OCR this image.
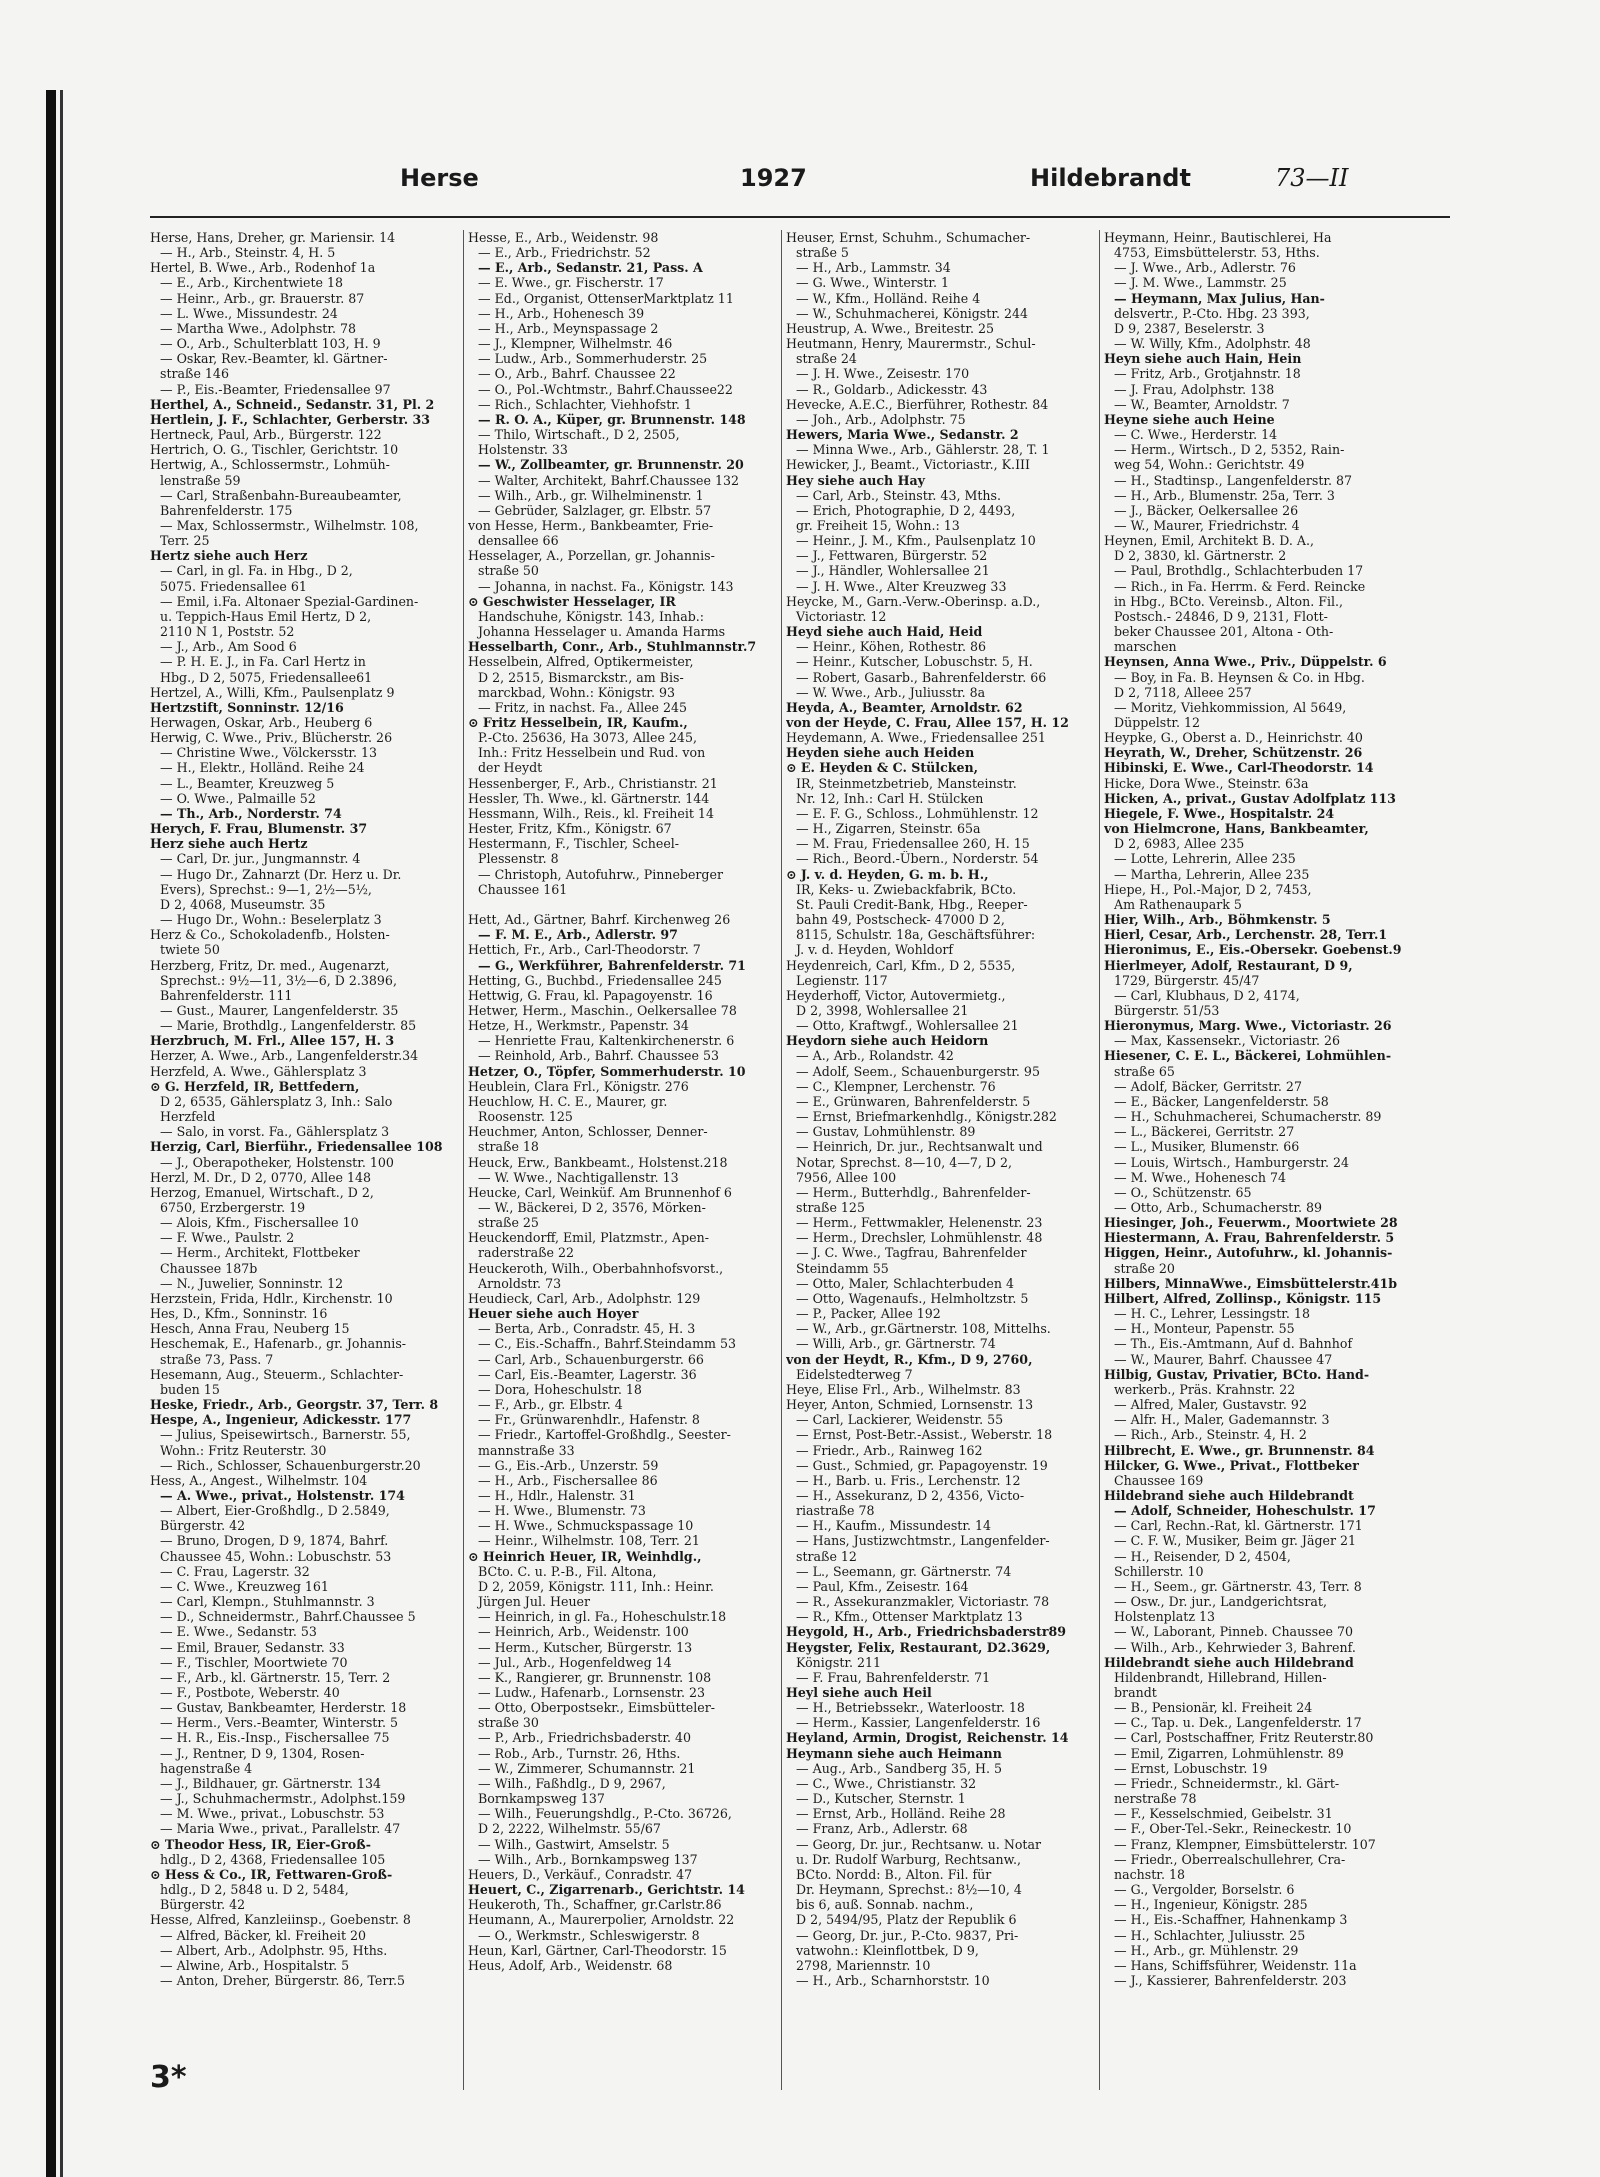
Herse	1927	Hildebrandt	73—II
Herse, Hans, Dreher, gr. Mariensir. 14
— H., Arb., Steinstr. 4, H. 5
Hertel, B. Wwe., Arb., Rodenhof 1a
— E., Arb., Kirchentwiete 18
— Heinr., Arb., gr. Brauerstr. 87
— L. Wwe., Missundestr. 24
— Martha Wwe., Adolphstr. 78
— O., Arb., Schulterblatt 103, H. 9
— Oskar, Rev.-Beamter, kl. Gärtner-
straße 146
— P., Eis.-Beamter, Friedensallee 97
Herthel, A., Schneid., Sedanstr. 31, Pl. 2
Hertlein, J. F., Schlachter, Gerberstr. 33
Hertneck, Paul, Arb., Bürgerstr. 122
Hertrich, O. G., Tischler, Gerichtstr. 10
Hertwig, A., Schlossermstr., Lohmüh-
lenstraße 59
— Carl, Straßenbahn-Bureaubeamter,
Bahrenfelderstr. 175
— Max, Schlossermstr., Wilhelmstr. 108,
Terr. 25
Hertz siehe auch Herz
— Carl, in gl. Fa. in Hbg., D 2,
5075. Friedensallee 61
— Emil, i.Fa. Altonaer Spezial-Gardinen-
u. Teppich-Haus Emil Hertz, D 2,
2110 N 1, Poststr. 52
— J., Arb., Am Sood 6
— P. H. E. J., in Fa. Carl Hertz in
Hbg., D 2, 5075, Friedensallee61
Hertzel, A., Willi, Kfm., Paulsenplatz 9
Hertzstift, Sonninstr. 12/16
Herwagen, Oskar, Arb., Heuberg 6
Herwig, C. Wwe., Priv., Blücherstr. 26
— Christine Wwe., Völckersstr. 13
— H., Elektr., Holländ. Reihe 24
— L., Beamter, Kreuzweg 5
— O. Wwe., Palmaille 52
— Th., Arb., Norderstr. 74
Herych, F. Frau, Blumenstr. 37
Herz siehe auch Hertz
— Carl, Dr. jur., Jungmannstr. 4
— Hugo Dr., Zahnarzt (Dr. Herz u. Dr.
Evers), Sprechst.: 9—1, 2½—5½,
D 2, 4068, Museumstr. 35
— Hugo Dr., Wohn.: Beselerplatz 3
Herz & Co., Schokoladenfb., Holsten-
twiete 50
Herzberg, Fritz, Dr. med., Augenarzt,
Sprechst.: 9½—11, 3½—6, D 2.3896,
Bahrenfelderstr. 111
— Gust., Maurer, Langenfelderstr. 35
— Marie, Brothdlg., Langenfelderstr. 85
Herzbruch, M. Frl., Allee 157, H. 3
Herzer, A. Wwe., Arb., Langenfelderstr.34
Herzfeld, A. Wwe., Gählersplatz 3
⊙ G. Herzfeld, IR, Bettfedern,
D 2, 6535, Gählersplatz 3, Inh.: Salo
Herzfeld
— Salo, in vorst. Fa., Gählersplatz 3
Herzig, Carl, Bierführ., Friedensallee 108
— J., Oberapotheker, Holstenstr. 100
Herzl, M. Dr., D 2, 0770, Allee 148
Herzog, Emanuel, Wirtschaft., D 2,
6750, Erzbergerstr. 19
— Alois, Kfm., Fischersallee 10
— F. Wwe., Paulstr. 2
— Herm., Architekt, Flottbeker
Chaussee 187b
— N., Juwelier, Sonninstr. 12
Herzstein, Frida, Hdlr., Kirchenstr. 10
Hes, D., Kfm., Sonninstr. 16
Hesch, Anna Frau, Neuberg 15
Heschemak, E., Hafenarb., gr. Johannis-
straße 73, Pass. 7
Hesemann, Aug., Steuerm., Schlachter-
buden 15
Heske, Friedr., Arb., Georgstr. 37, Terr. 8
Hespe, A., Ingenieur, Adickesstr. 177
— Julius, Speisewirtsch., Barnerstr. 55,
Wohn.: Fritz Reuterstr. 30
— Rich., Schlosser, Schauenburgerstr.20
Hess, A., Angest., Wilhelmstr. 104
— A. Wwe., privat., Holstenstr. 174
— Albert, Eier-Großhdlg., D 2.5849,
Bürgerstr. 42
— Bruno, Drogen, D 9, 1874, Bahrf.
Chaussee 45, Wohn.: Lobuschstr. 53
— C. Frau, Lagerstr. 32
— C. Wwe., Kreuzweg 161
— Carl, Klempn., Stuhlmannstr. 3
— D., Schneidermstr., Bahrf.Chaussee 5
— E. Wwe., Sedanstr. 53
— Emil, Brauer, Sedanstr. 33
— F., Tischler, Moortwiete 70
— F., Arb., kl. Gärtnerstr. 15, Terr. 2
— F., Postbote, Weberstr. 40
— Gustav, Bankbeamter, Herderstr. 18
— Herm., Vers.-Beamter, Winterstr. 5
— H. R., Eis.-Insp., Fischersallee 75
— J., Rentner, D 9, 1304, Rosen-
hagenstraße 4
— J., Bildhauer, gr. Gärtnerstr. 134
— J., Schuhmachermstr., Adolphst.159
— M. Wwe., privat., Lobuschstr. 53
— Maria Wwe., privat., Parallelstr. 47
⊙ Theodor Hess, IR, Eier-Groß-
hdlg., D 2, 4368, Friedensallee 105
⊙ Hess & Co., IR, Fettwaren-Groß-
hdlg., D 2, 5848 u. D 2, 5484,
Bürgerstr. 42
Hesse, Alfred, Kanzleiinsp., Goebenstr. 8
— Alfred, Bäcker, kl. Freiheit 20
— Albert, Arb., Adolphstr. 95, Hths.
— Alwine, Arb., Hospitalstr. 5
— Anton, Dreher, Bürgerstr. 86, Terr.5
Hesse, E., Arb., Weidenstr. 98
— E., Arb., Friedrichstr. 52
— E., Arb., Sedanstr. 21, Pass. A
— E. Wwe., gr. Fischerstr. 17
— Ed., Organist, OttenserMarktplatz 11
— H., Arb., Hohenesch 39
— H., Arb., Meynspassage 2
— J., Klempner, Wilhelmstr. 46
— Ludw., Arb., Sommerhuderstr. 25
— O., Arb., Bahrf. Chaussee 22
— O., Pol.-Wchtmstr., Bahrf.Chaussee22
— Rich., Schlachter, Viehhofstr. 1
— R. O. A., Küper, gr. Brunnenstr. 148
— Thilo, Wirtschaft., D 2, 2505,
Holstenstr. 33
— W., Zollbeamter, gr. Brunnenstr. 20
— Walter, Architekt, Bahrf.Chaussee 132
— Wilh., Arb., gr. Wilhelminenstr. 1
— Gebrüder, Salzlager, gr. Elbstr. 57
von Hesse, Herm., Bankbeamter, Frie-
densallee 66
Hesselager, A., Porzellan, gr. Johannis-
straße 50
— Johanna, in nachst. Fa., Königstr. 143
⊙ Geschwister Hesselager, IR
Handschuhe, Königstr. 143, Inhab.:
Johanna Hesselager u. Amanda Harms
Hesselbarth, Conr., Arb., Stuhlmannstr.7
Hesselbein, Alfred, Optikermeister,
D 2, 2515, Bismarckstr., am Bis-
marckbad, Wohn.: Königstr. 93
— Fritz, in nachst. Fa., Allee 245
⊙ Fritz Hesselbein, IR, Kaufm.,
P.-Cto. 25636, Ha 3073, Allee 245,
Inh.: Fritz Hesselbein und Rud. von
der Heydt
Hessenberger, F., Arb., Christianstr. 21
Hessler, Th. Wwe., kl. Gärtnerstr. 144
Hessmann, Wilh., Reis., kl. Freiheit 14
Hester, Fritz, Kfm., Königstr. 67
Hestermann, F., Tischler, Scheel-
Plessenstr. 8
— Christoph, Autofuhrw., Pinneberger
Chaussee 161

Hett, Ad., Gärtner, Bahrf. Kirchenweg 26
— F. M. E., Arb., Adlerstr. 97
Hettich, Fr., Arb., Carl-Theodorstr. 7
— G., Werkführer, Bahrenfelderstr. 71
Hetting, G., Buchbd., Friedensallee 245
Hettwig, G. Frau, kl. Papagoyenstr. 16
Hetwer, Herm., Maschin., Oelkersallee 78
Hetze, H., Werkmstr., Papenstr. 34
— Henriette Frau, Kaltenkirchenerstr. 6
— Reinhold, Arb., Bahrf. Chaussee 53
Hetzer, O., Töpfer, Sommerhuderstr. 10
Heublein, Clara Frl., Königstr. 276
Heuchlow, H. C. E., Maurer, gr.
Roosenstr. 125
Heuchmer, Anton, Schlosser, Denner-
straße 18
Heuck, Erw., Bankbeamt., Holstenst.218
— W. Wwe., Nachtigallenstr. 13
Heucke, Carl, Weinküf. Am Brunnenhof 6
— W., Bäckerei, D 2, 3576, Mörken-
straße 25
Heuckendorff, Emil, Platzmstr., Apen-
raderstraße 22
Heuckeroth, Wilh., Oberbahnhofsvorst.,
Arnoldstr. 73
Heudieck, Carl, Arb., Adolphstr. 129
Heuer siehe auch Hoyer
— Berta, Arb., Conradstr. 45, H. 3
— C., Eis.-Schaffn., Bahrf.Steindamm 53
— Carl, Arb., Schauenburgerstr. 66
— Carl, Eis.-Beamter, Lagerstr. 36
— Dora, Hoheschulstr. 18
— F., Arb., gr. Elbstr. 4
— Fr., Grünwarenhdlr., Hafenstr. 8
— Friedr., Kartoffel-Großhdlg., Seester-
mannstraße 33
— G., Eis.-Arb., Unzerstr. 59
— H., Arb., Fischersallee 86
— H., Hdlr., Halenstr. 31
— H. Wwe., Blumenstr. 73
— H. Wwe., Schmuckspassage 10
— Heinr., Wilhelmstr. 108, Terr. 21
⊙ Heinrich Heuer, IR, Weinhdlg.,
BCto. C. u. P.-B., Fil. Altona,
D 2, 2059, Königstr. 111, Inh.: Heinr.
Jürgen Jul. Heuer
— Heinrich, in gl. Fa., Hoheschulstr.18
— Heinrich, Arb., Weidenstr. 100
— Herm., Kutscher, Bürgerstr. 13
— Jul., Arb., Hogenfeldweg 14
— K., Rangierer, gr. Brunnenstr. 108
— Ludw., Hafenarb., Lornsenstr. 23
— Otto, Oberpostsekr., Eimsbütteler-
straße 30
— P., Arb., Friedrichsbaderstr. 40
— Rob., Arb., Turnstr. 26, Hths.
— W., Zimmerer, Schumannstr. 21
— Wilh., Faßhdlg., D 9, 2967,
Bornkampsweg 137
— Wilh., Feuerungshdlg., P.-Cto. 36726,
D 2, 2222, Wilhelmstr. 55/67
— Wilh., Gastwirt, Amselstr. 5
— Wilh., Arb., Bornkampsweg 137
Heuers, D., Verkäuf., Conradstr. 47
Heuert, C., Zigarrenarb., Gerichtstr. 14
Heukeroth, Th., Schaffner, gr.Carlstr.86
Heumann, A., Maurerpolier, Arnoldstr. 22
— O., Werkmstr., Schleswigerstr. 8
Heun, Karl, Gärtner, Carl-Theodorstr. 15
Heus, Adolf, Arb., Weidenstr. 68
Heuser, Ernst, Schuhm., Schumacher-
straße 5
— H., Arb., Lammstr. 34
— G. Wwe., Winterstr. 1
— W., Kfm., Holländ. Reihe 4
— W., Schuhmacherei, Königstr. 244
Heustrup, A. Wwe., Breitestr. 25
Heutmann, Henry, Maurermstr., Schul-
straße 24
— J. H. Wwe., Zeisestr. 170
— R., Goldarb., Adickesstr. 43
Hevecke, A.E.C., Bierführer, Rothestr. 84
— Joh., Arb., Adolphstr. 75
Hewers, Maria Wwe., Sedanstr. 2
— Minna Wwe., Arb., Gählerstr. 28, T. 1
Hewicker, J., Beamt., Victoriastr., K.III
Hey siehe auch Hay
— Carl, Arb., Steinstr. 43, Mths.
— Erich, Photographie, D 2, 4493,
gr. Freiheit 15, Wohn.: 13
— Heinr., J. M., Kfm., Paulsenplatz 10
— J., Fettwaren, Bürgerstr. 52
— J., Händler, Wohlersallee 21
— J. H. Wwe., Alter Kreuzweg 33
Heycke, M., Garn.-Verw.-Oberinsp. a.D.,
Victoriastr. 12
Heyd siehe auch Haid, Heid
— Heinr., Köhen, Rothestr. 86
— Heinr., Kutscher, Lobuschstr. 5, H.
— Robert, Gasarb., Bahrenfelderstr. 66
— W. Wwe., Arb., Juliusstr. 8a
Heyda, A., Beamter, Arnoldstr. 62
von der Heyde, C. Frau, Allee 157, H. 12
Heydemann, A. Wwe., Friedensallee 251
Heyden siehe auch Heiden
⊙ E. Heyden & C. Stülcken,
IR, Steinmetzbetrieb, Mansteinstr.
Nr. 12, Inh.: Carl H. Stülcken
— E. F. G., Schloss., Lohmühlenstr. 12
— H., Zigarren, Steinstr. 65a
— M. Frau, Friedensallee 260, H. 15
— Rich., Beord.-Übern., Norderstr. 54
⊙ J. v. d. Heyden, G. m. b. H.,
IR, Keks- u. Zwiebackfabrik, BCto.
St. Pauli Credit-Bank, Hbg., Reeper-
bahn 49, Postscheck- 47000 D 2,
8115, Schulstr. 18a, Geschäftsführer:
J. v. d. Heyden, Wohldorf
Heydenreich, Carl, Kfm., D 2, 5535,
Legienstr. 117
Heyderhoff, Victor, Autovermietg.,
D 2, 3998, Wohlersallee 21
— Otto, Kraftwgf., Wohlersallee 21
Heydorn siehe auch Heidorn
— A., Arb., Rolandstr. 42
— Adolf, Seem., Schauenburgerstr. 95
— C., Klempner, Lerchenstr. 76
— E., Grünwaren, Bahrenfelderstr. 5
— Ernst, Briefmarkenhdlg., Königstr.282
— Gustav, Lohmühlenstr. 89
— Heinrich, Dr. jur., Rechtsanwalt und
Notar, Sprechst. 8—10, 4—7, D 2,
7956, Allee 100
— Herm., Butterhdlg., Bahrenfelder-
straße 125
— Herm., Fettwmakler, Helenenstr. 23
— Herm., Drechsler, Lohmühlenstr. 48
— J. C. Wwe., Tagfrau, Bahrenfelder
Steindamm 55
— Otto, Maler, Schlachterbuden 4
— Otto, Wagenaufs., Helmholtzstr. 5
— P., Packer, Allee 192
— W., Arb., gr.Gärtnerstr. 108, Mittelhs.
— Willi, Arb., gr. Gärtnerstr. 74
von der Heydt, R., Kfm., D 9, 2760,
Eidelstedterweg 7
Heye, Elise Frl., Arb., Wilhelmstr. 83
Heyer, Anton, Schmied, Lornsenstr. 13
— Carl, Lackierer, Weidenstr. 55
— Ernst, Post-Betr.-Assist., Weberstr. 18
— Friedr., Arb., Rainweg 162
— Gust., Schmied, gr. Papagoyenstr. 19
— H., Barb. u. Fris., Lerchenstr. 12
— H., Assekuranz, D 2, 4356, Victo-
riastraße 78
— H., Kaufm., Missundestr. 14
— Hans, Justizwchtmstr., Langenfelder-
straße 12
— L., Seemann, gr. Gärtnerstr. 74
— Paul, Kfm., Zeisestr. 164
— R., Assekuranzmakler, Victoriastr. 78
— R., Kfm., Ottenser Marktplatz 13
Heygold, H., Arb., Friedrichsbaderstr89
Heygster, Felix, Restaurant, D2.3629,
Königstr. 211
— F. Frau, Bahrenfelderstr. 71
Heyl siehe auch Heil
— H., Betriebssekr., Waterloostr. 18
— Herm., Kassier, Langenfelderstr. 16
Heyland, Armin, Drogist, Reichenstr. 14
Heymann siehe auch Heimann
— Aug., Arb., Sandberg 35, H. 5
— C., Wwe., Christianstr. 32
— D., Kutscher, Sternstr. 1
— Ernst, Arb., Holländ. Reihe 28
— Franz, Arb., Adlerstr. 68
— Georg, Dr. jur., Rechtsanw. u. Notar
u. Dr. Rudolf Warburg, Rechtsanw.,
BCto. Nordd: B., Alton. Fil. für
Dr. Heymann, Sprechst.: 8½—10, 4
bis 6, auß. Sonnab. nachm.,
D 2, 5494/95, Platz der Republik 6
— Georg, Dr. jur., P.-Cto. 9837, Pri-
vatwohn.: Kleinflottbek, D 9,
2798, Mariennstr. 10
— H., Arb., Scharnhorststr. 10
Heymann, Heinr., Bautischlerei, Ha
4753, Eimsbüttelerstr. 53, Hths.
— J. Wwe., Arb., Adlerstr. 76
— J. M. Wwe., Lammstr. 25
— Heymann, Max Julius, Han-
delsvertr., P.-Cto. Hbg. 23 393,
D 9, 2387, Beselerstr. 3
— W. Willy, Kfm., Adolphstr. 48
Heyn siehe auch Hain, Hein
— Fritz, Arb., Grotjahnstr. 18
— J. Frau, Adolphstr. 138
— W., Beamter, Arnoldstr. 7
Heyne siehe auch Heine
— C. Wwe., Herderstr. 14
— Herm., Wirtsch., D 2, 5352, Rain-
weg 54, Wohn.: Gerichtstr. 49
— H., Stadtinsp., Langenfelderstr. 87
— H., Arb., Blumenstr. 25a, Terr. 3
— J., Bäcker, Oelkersallee 26
— W., Maurer, Friedrichstr. 4
Heynen, Emil, Architekt B. D. A.,
D 2, 3830, kl. Gärtnerstr. 2
— Paul, Brothdlg., Schlachterbuden 17
— Rich., in Fa. Herrm. & Ferd. Reincke
in Hbg., BCto. Vereinsb., Alton. Fil.,
Postsch.- 24846, D 9, 2131, Flott-
beker Chaussee 201, Altona - Oth-
marschen
Heynsen, Anna Wwe., Priv., Düppelstr. 6
— Boy, in Fa. B. Heynsen & Co. in Hbg.
D 2, 7118, Alleee 257
— Moritz, Viehkommission, Al 5649,
Düppelstr. 12
Heypke, G., Oberst a. D., Heinrichstr. 40
Heyrath, W., Dreher, Schützenstr. 26
Hibinski, E. Wwe., Carl-Theodorstr. 14
Hicke, Dora Wwe., Steinstr. 63a
Hicken, A., privat., Gustav Adolfplatz 113
Hiegele, F. Wwe., Hospitalstr. 24
von Hielmcrone, Hans, Bankbeamter,
D 2, 6983, Allee 235
— Lotte, Lehrerin, Allee 235
— Martha, Lehrerin, Allee 235
Hiepe, H., Pol.-Major, D 2, 7453,
Am Rathenaupark 5
Hier, Wilh., Arb., Böhmkenstr. 5
Hierl, Cesar, Arb., Lerchenstr. 28, Terr.1
Hieronimus, E., Eis.-Obersekr. Goebenst.9
Hierlmeyer, Adolf, Restaurant, D 9,
1729, Bürgerstr. 45/47
— Carl, Klubhaus, D 2, 4174,
Bürgerstr. 51/53
Hieronymus, Marg. Wwe., Victoriastr. 26
— Max, Kassensekr., Victoriastr. 26
Hiesener, C. E. L., Bäckerei, Lohmühlen-
straße 65
— Adolf, Bäcker, Gerritstr. 27
— E., Bäcker, Langenfelderstr. 58
— H., Schuhmacherei, Schumacherstr. 89
— L., Bäckerei, Gerritstr. 27
— L., Musiker, Blumenstr. 66
— Louis, Wirtsch., Hamburgerstr. 24
— M. Wwe., Hohenesch 74
— O., Schützenstr. 65
— Otto, Arb., Schumacherstr. 89
Hiesinger, Joh., Feuerwm., Moortwiete 28
Hiestermann, A. Frau, Bahrenfelderstr. 5
Higgen, Heinr., Autofuhrw., kl. Johannis-
straße 20
Hilbers, MinnaWwe., Eimsbüttelerstr.41b
Hilbert, Alfred, Zollinsp., Königstr. 115
— H. C., Lehrer, Lessingstr. 18
— H., Monteur, Papenstr. 55
— Th., Eis.-Amtmann, Auf d. Bahnhof
— W., Maurer, Bahrf. Chaussee 47
Hilbig, Gustav, Privatier, BCto. Hand-
werkerb., Präs. Krahnstr. 22
— Alfred, Maler, Gustavstr. 92
— Alfr. H., Maler, Gademannstr. 3
— Rich., Arb., Steinstr. 4, H. 2
Hilbrecht, E. Wwe., gr. Brunnenstr. 84
Hilcker, G. Wwe., Privat., Flottbeker
Chaussee 169
Hildebrand siehe auch Hildebrandt
— Adolf, Schneider, Hoheschulstr. 17
— Carl, Rechn.-Rat, kl. Gärtnerstr. 171
— C. F. W., Musiker, Beim gr. Jäger 21
— H., Reisender, D 2, 4504,
Schillerstr. 10
— H., Seem., gr. Gärtnerstr. 43, Terr. 8
— Osw., Dr. jur., Landgerichtsrat,
Holstenplatz 13
— W., Laborant, Pinneb. Chaussee 70
— Wilh., Arb., Kehrwieder 3, Bahrenf.
Hildebrandt siehe auch Hildebrand
Hildenbrandt, Hillebrand, Hillen-
brandt
— B., Pensionär, kl. Freiheit 24
— C., Tap. u. Dek., Langenfelderstr. 17
— Carl, Postschaffner, Fritz Reuterstr.80
— Emil, Zigarren, Lohmühlenstr. 89
— Ernst, Lobuschstr. 19
— Friedr., Schneidermstr., kl. Gärt-
nerstraße 78
— F., Kesselschmied, Geibelstr. 31
— F., Ober-Tel.-Sekr., Reineckestr. 10
— Franz, Klempner, Eimsbüttelerstr. 107
— Friedr., Oberrealschullehrer, Cra-
nachstr. 18
— G., Vergolder, Borselstr. 6
— H., Ingenieur, Königstr. 285
— H., Eis.-Schaffner, Hahnenkamp 3
— H., Schlachter, Juliusstr. 25
— H., Arb., gr. Mühlenstr. 29
— Hans, Schiffsführer, Weidenstr. 11a
— J., Kassierer, Bahrenfelderstr. 203
3*
